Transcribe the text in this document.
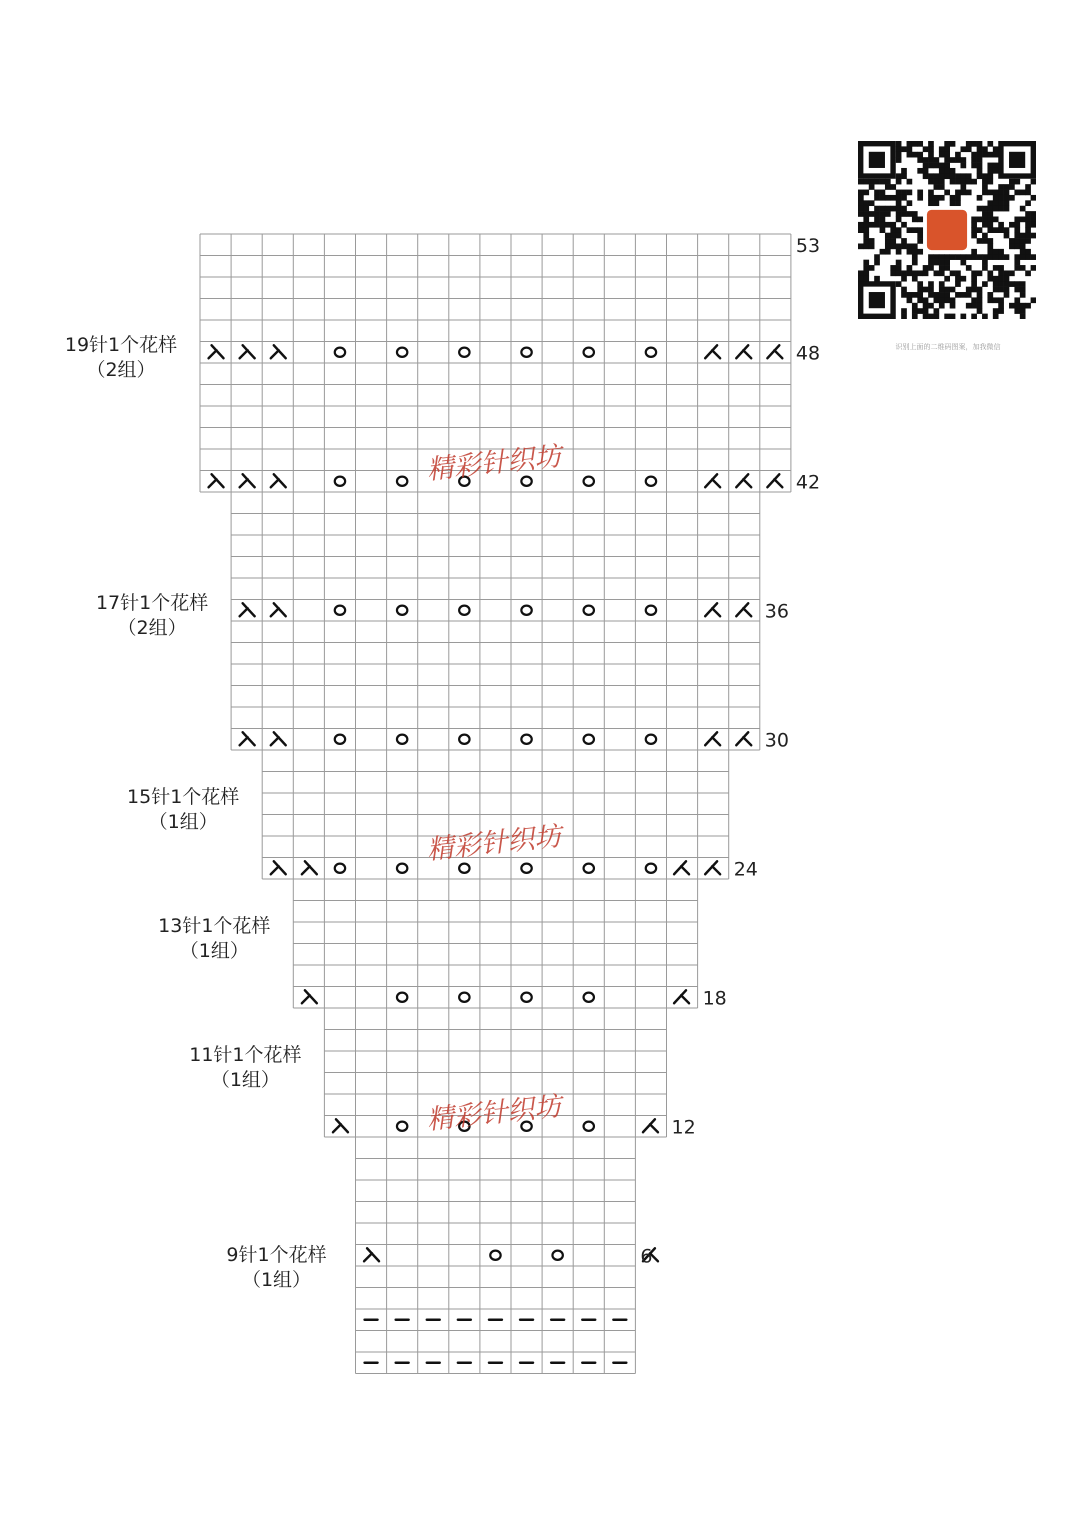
53
48
42
36
30
24
18
12
6
精彩针织坊
精彩针织坊
精彩针织坊
19针1个花样
（2组）
17针1个花样
（2组）
15针1个花样
（1组）
13针1个花样
（1组）
11针1个花样
（1组）
9针1个花样
（1组）
识别上面的二维码图案，加我微信
